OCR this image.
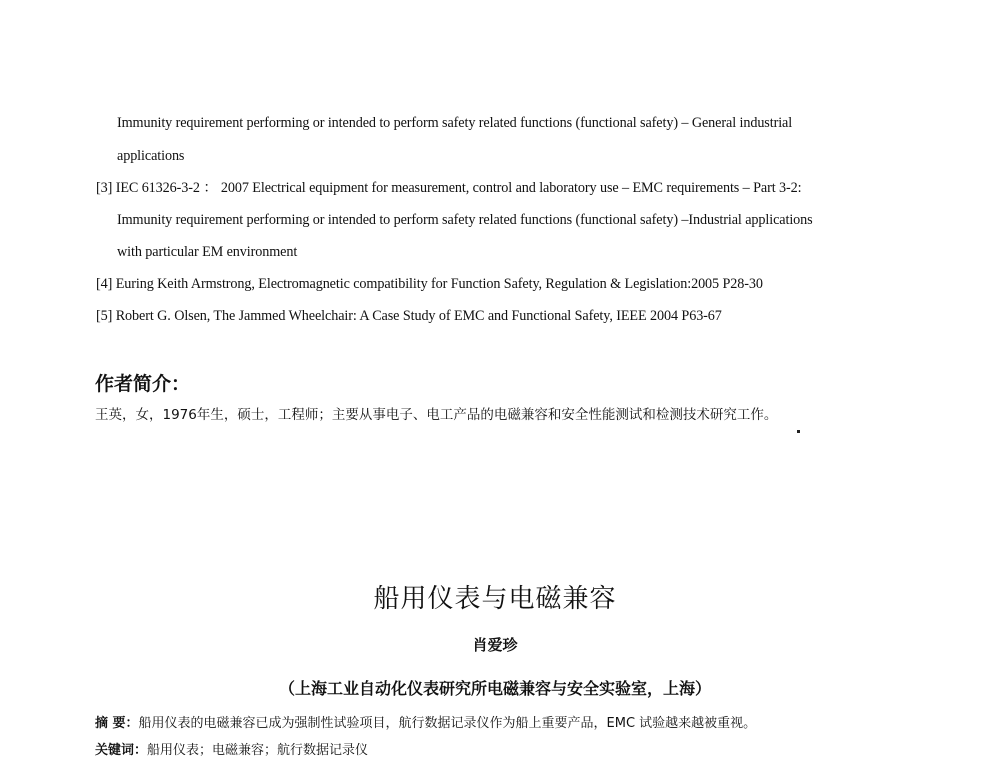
Immunity requirement performing or intended to perform safety related functions (functional safety) – General industrial
applications
[3] IEC 61326-3-2 ： 2007 Electrical equipment for measurement, control and laboratory use – EMC requirements – Part 3-2:
Immunity requirement performing or intended to perform safety related functions (functional safety) –Industrial applications
with particular EM environment
[4] Euring Keith Armstrong, Electromagnetic compatibility for Function Safety, Regulation & Legislation:2005 P28-30
[5] Robert G. Olsen, The Jammed Wheelchair: A Case Study of EMC and Functional Safety, IEEE 2004 P63-67
作者简介：
王英，女，1976年生，硕士，工程师；主要从事电子、电工产品的电磁兼容和安全性能测试和检测技术研究工作。
船用仪表与电磁兼容
肖爱珍
（上海工业自动化仪表研究所电磁兼容与安全实验室，上海）
摘 要：船用仪表的电磁兼容已成为强制性试验项目，航行数据记录仪作为船上重要产品，EMC 试验越来越被重视。
关键词：船用仪表；电磁兼容；航行数据记录仪
